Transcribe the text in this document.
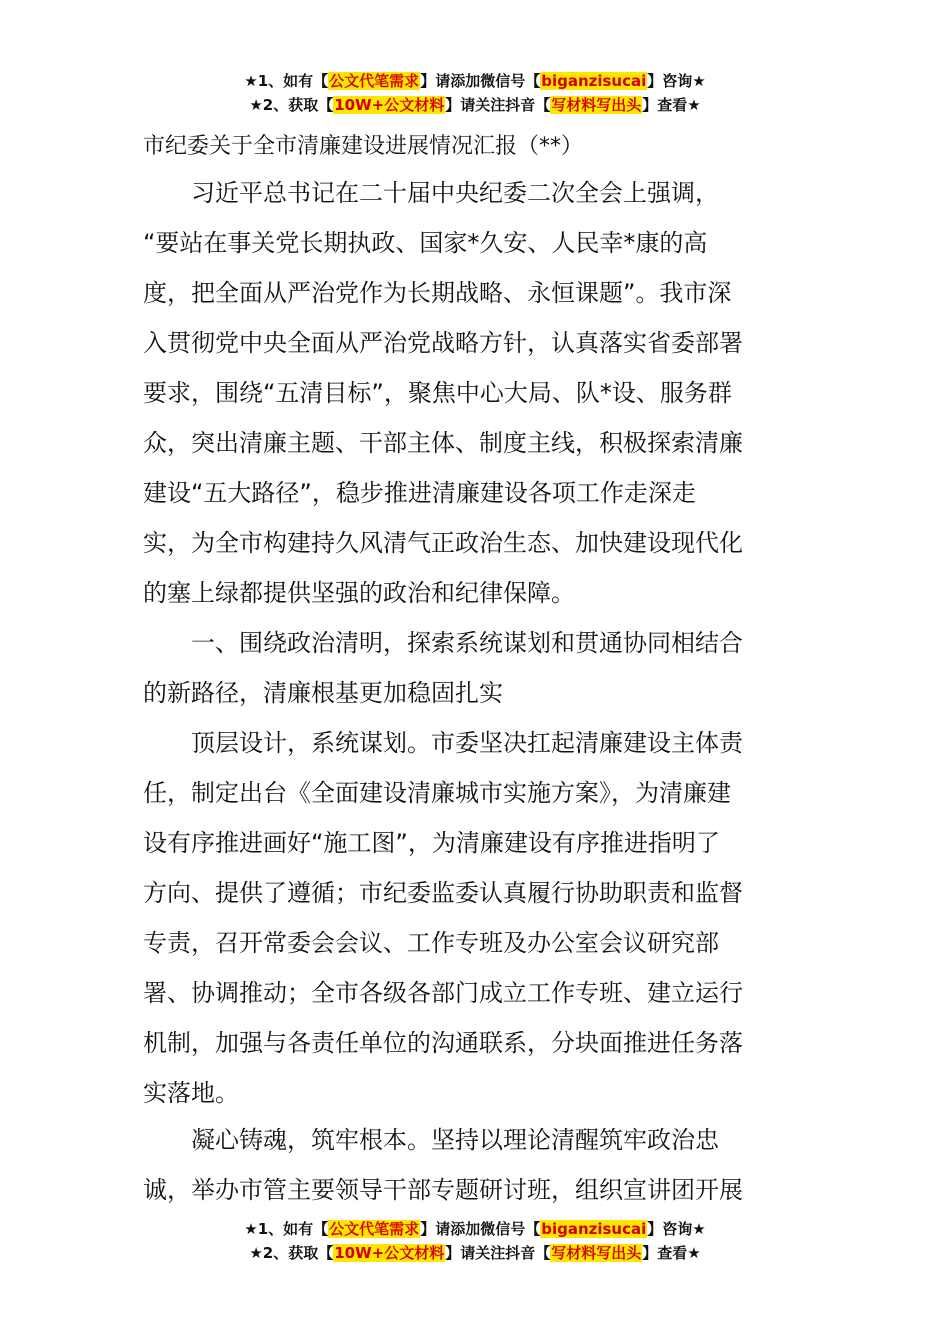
★1、如有【公文代笔需求】请添加微信号【biganzisucai】咨询★
★2、获取【10W+公文材料】请关注抖音【写材料写出头】查看★
市纪委关于全市清廉建设进展情况汇报（**）
　　习近平总书记在二十届中央纪委二次全会上强调，
“要站在事关党长期执政、国家*久安、人民幸*康的高
度，把全面从严治党作为长期战略、永恒课题”。我市深
入贯彻党中央全面从严治党战略方针，认真落实省委部署
要求，围绕“五清目标”，聚焦中心大局、队*设、服务群
众，突出清廉主题、干部主体、制度主线，积极探索清廉
建设“五大路径”，稳步推进清廉建设各项工作走深走
实，为全市构建持久风清气正政治生态、加快建设现代化
的塞上绿都提供坚强的政治和纪律保障。
　　一、围绕政治清明，探索系统谋划和贯通协同相结合
的新路径，清廉根基更加稳固扎实
　　顶层设计，系统谋划。市委坚决扛起清廉建设主体责
任，制定出台《全面建设清廉城市实施方案》，为清廉建
设有序推进画好“施工图”，为清廉建设有序推进指明了
方向、提供了遵循；市纪委监委认真履行协助职责和监督
专责，召开常委会会议、工作专班及办公室会议研究部
署、协调推动；全市各级各部门成立工作专班、建立运行
机制，加强与各责任单位的沟通联系，分块面推进任务落
实落地。
　　凝心铸魂，筑牢根本。坚持以理论清醒筑牢政治忠
诚，举办市管主要领导干部专题研讨班，组织宣讲团开展
★1、如有【公文代笔需求】请添加微信号【biganzisucai】咨询★
★2、获取【10W+公文材料】请关注抖音【写材料写出头】查看★
